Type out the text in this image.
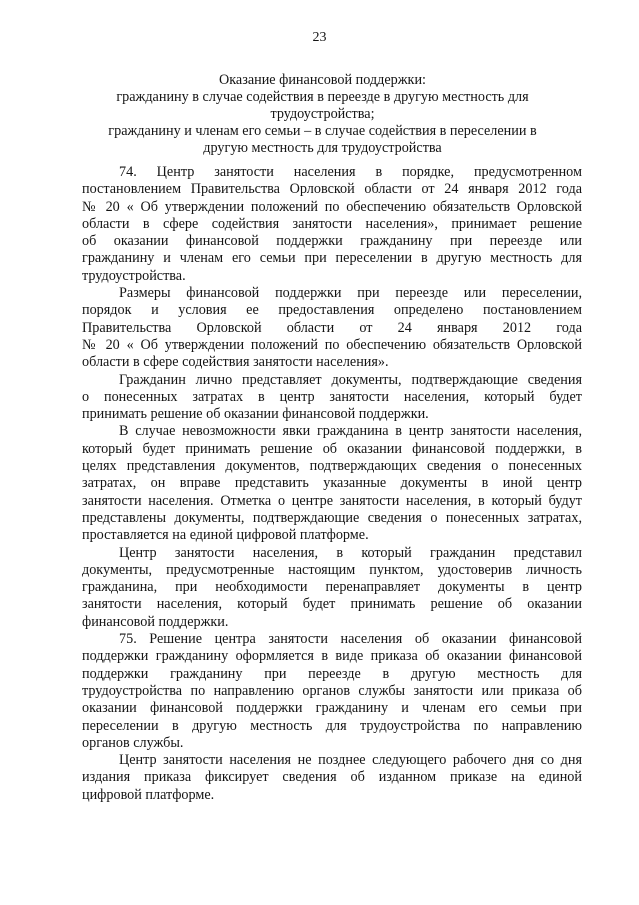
23
Оказание финансовой поддержки:
гражданину в случае содействия в переезде в другую местность для
трудоустройства;
гражданину и членам его семьи – в случае содействия в переселении в
другую местность для трудоустройства
74. Центр занятости населения в порядке, предусмотренном
постановлением Правительства Орловской области от 24 января 2012 года
№ 20 « Об утверждении положений по обеспечению обязательств Орловской
области в сфере содействия занятости населения», принимает решение
об оказании финансовой поддержки гражданину при переезде или
гражданину и членам его семьи при переселении в другую местность для
трудоустройства.
Размеры финансовой поддержки при переезде или переселении,
порядок и условия ее предоставления определено постановлением
Правительства Орловской области от 24 января 2012 года
№ 20 « Об утверждении положений по обеспечению обязательств Орловской
области в сфере содействия занятости населения».
Гражданин лично представляет документы, подтверждающие сведения
о понесенных затратах в центр занятости населения, который будет
принимать решение об оказании финансовой поддержки.
В случае невозможности явки гражданина в центр занятости населения,
который будет принимать решение об оказании финансовой поддержки, в
целях представления документов, подтверждающих сведения о понесенных
затратах, он вправе представить указанные документы в иной центр
занятости населения. Отметка о центре занятости населения, в который будут
представлены документы, подтверждающие сведения о понесенных затратах,
проставляется на единой цифровой платформе.
Центр занятости населения, в который гражданин представил
документы, предусмотренные настоящим пунктом, удостоверив личность
гражданина, при необходимости перенаправляет документы в центр
занятости населения, который будет принимать решение об оказании
финансовой поддержки.
75. Решение центра занятости населения об оказании финансовой
поддержки гражданину оформляется в виде приказа об оказании финансовой
поддержки гражданину при переезде в другую местность для
трудоустройства по направлению органов службы занятости или приказа об
оказании финансовой поддержки гражданину и членам его семьи при
переселении в другую местность для трудоустройства по направлению
органов службы.
Центр занятости населения не позднее следующего рабочего дня со дня
издания приказа фиксирует сведения об изданном приказе на единой
цифровой платформе.
